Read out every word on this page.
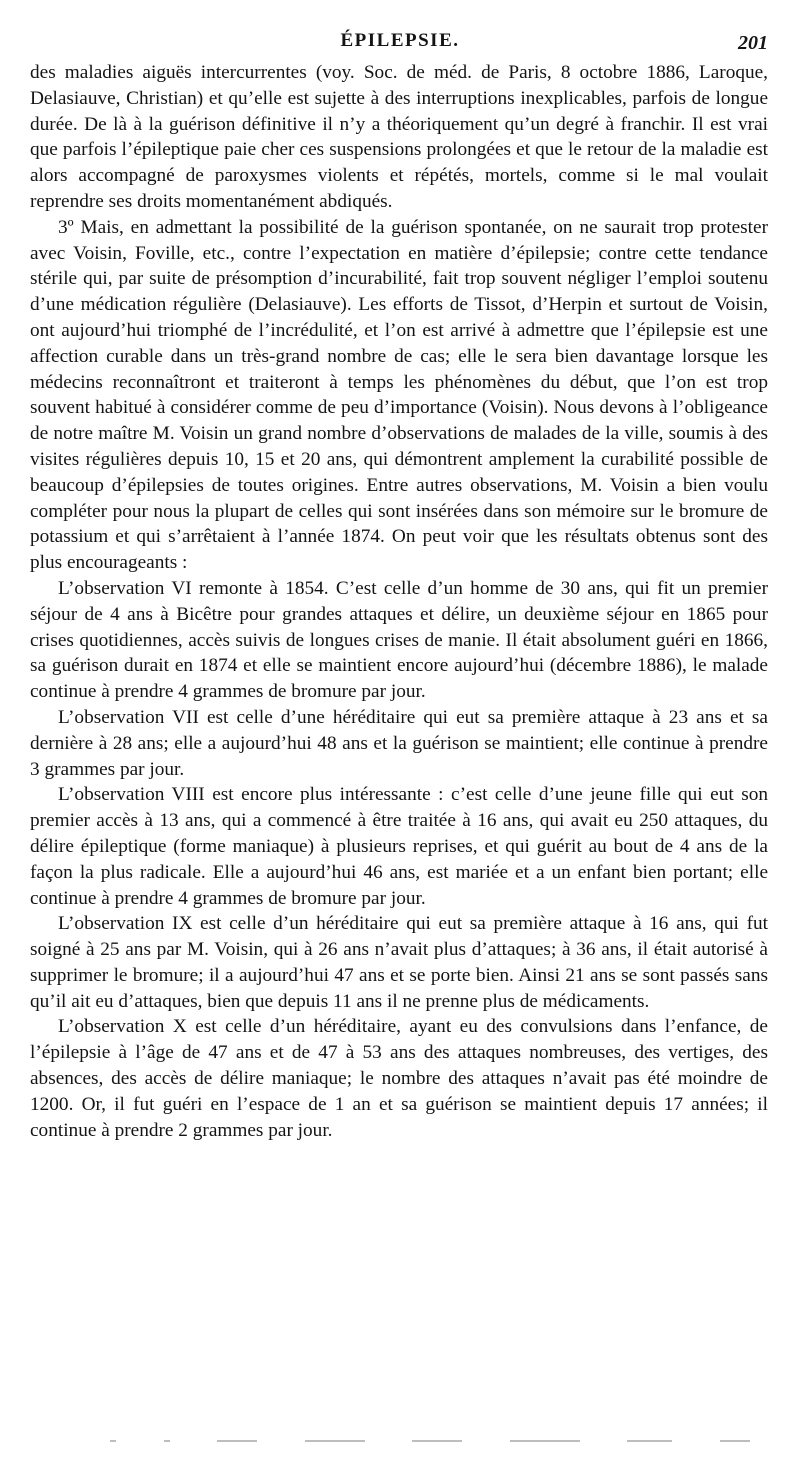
ÉPILEPSIE.	201

des maladies aiguës intercurrentes (voy. Soc. de méd. de Paris, 8 octobre 1886, Laroque, Delasiauve, Christian) et qu’elle est sujette à des interruptions inexplicables, parfois de longue durée. De là à la guérison définitive il n’y a théoriquement qu’un degré à franchir. Il est vrai que parfois l’épileptique paie cher ces suspensions prolongées et que le retour de la maladie est alors accompagné de paroxysmes violents et répétés, mortels, comme si le mal voulait reprendre ses droits momentanément abdiqués.

3º Mais, en admettant la possibilité de la guérison spontanée, on ne saurait trop protester avec Voisin, Foville, etc., contre l’expectation en matière d’épilepsie; contre cette tendance stérile qui, par suite de présomption d’incurabilité, fait trop souvent négliger l’emploi soutenu d’une médication régulière (Delasiauve). Les efforts de Tissot, d’Herpin et surtout de Voisin, ont aujourd’hui triomphé de l’incrédulité, et l’on est arrivé à admettre que l’épilepsie est une affection curable dans un très-grand nombre de cas; elle le sera bien davantage lorsque les médecins reconnaîtront et traiteront à temps les phénomènes du début, que l’on est trop souvent habitué à considérer comme de peu d’importance (Voisin). Nous devons à l’obligeance de notre maître M. Voisin un grand nombre d’observations de malades de la ville, soumis à des visites régulières depuis 10, 15 et 20 ans, qui démontrent amplement la curabilité possible de beaucoup d’épilepsies de toutes origines. Entre autres observations, M. Voisin a bien voulu compléter pour nous la plupart de celles qui sont insérées dans son mémoire sur le bromure de potassium et qui s’arrêtaient à l’année 1874. On peut voir que les résultats obtenus sont des plus encourageants :

L’observation VI remonte à 1854. C’est celle d’un homme de 30 ans, qui fit un premier séjour de 4 ans à Bicêtre pour grandes attaques et délire, un deuxième séjour en 1865 pour crises quotidiennes, accès suivis de longues crises de manie. Il était absolument guéri en 1866, sa guérison durait en 1874 et elle se maintient encore aujourd’hui (décembre 1886), le malade continue à prendre 4 grammes de bromure par jour.

L’observation VII est celle d’une héréditaire qui eut sa première attaque à 23 ans et sa dernière à 28 ans; elle a aujourd’hui 48 ans et la guérison se maintient; elle continue à prendre 3 grammes par jour.

L’observation VIII est encore plus intéressante : c’est celle d’une jeune fille qui eut son premier accès à 13 ans, qui a commencé à être traitée à 16 ans, qui avait eu 250 attaques, du délire épileptique (forme maniaque) à plusieurs reprises, et qui guérit au bout de 4 ans de la façon la plus radicale. Elle a aujourd’hui 46 ans, est mariée et a un enfant bien portant; elle continue à prendre 4 grammes de bromure par jour.

L’observation IX est celle d’un héréditaire qui eut sa première attaque à 16 ans, qui fut soigné à 25 ans par M. Voisin, qui à 26 ans n’avait plus d’attaques; à 36 ans, il était autorisé à supprimer le bromure; il a aujourd’hui 47 ans et se porte bien. Ainsi 21 ans se sont passés sans qu’il ait eu d’attaques, bien que depuis 11 ans il ne prenne plus de médicaments.

L’observation X est celle d’un héréditaire, ayant eu des convulsions dans l’enfance, de l’épilepsie à l’âge de 47 ans et de 47 à 53 ans des attaques nombreuses, des vertiges, des absences, des accès de délire maniaque; le nombre des attaques n’avait pas été moindre de 1200. Or, il fut guéri en l’espace de 1 an et sa guérison se maintient depuis 17 années; il continue à prendre 2 grammes par jour.
